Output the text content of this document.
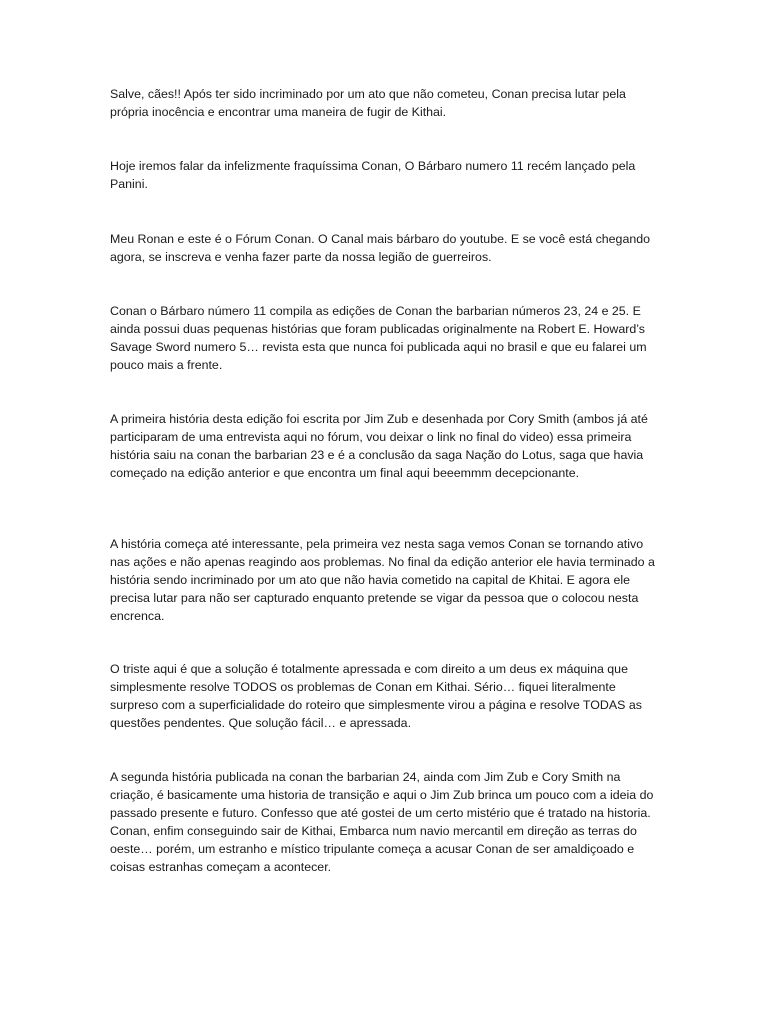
Salve, cães!! Após ter sido incriminado por um ato que não cometeu, Conan precisa lutar pela própria inocência e encontrar uma maneira de fugir de Kithai.

Hoje iremos falar da infelizmente fraquíssima Conan, O Bárbaro numero 11 recém lançado pela Panini.

Meu Ronan e este é o Fórum Conan. O Canal mais bárbaro do youtube. E se você está chegando agora, se inscreva e venha fazer parte da nossa legião de guerreiros.

Conan o Bárbaro número 11 compila as edições de Conan the barbarian números 23, 24 e 25. E ainda possui duas pequenas histórias que foram publicadas originalmente na Robert E. Howard’s Savage Sword numero 5… revista esta que nunca foi publicada aqui no brasil e que eu falarei um pouco mais a frente.

A primeira história desta edição foi escrita por Jim Zub e desenhada por Cory Smith (ambos já até participaram de uma entrevista aqui no fórum, vou deixar o link no final do video) essa primeira história saiu na conan the barbarian 23 e é a conclusão da saga Nação do Lotus, saga que havia começado na edição anterior e que encontra um final aqui beeemmm decepcionante.

A história começa até interessante, pela primeira vez nesta saga vemos Conan se tornando ativo nas ações e não apenas reagindo aos problemas. No final da edição anterior ele havia terminado a história sendo incriminado por um ato que não havia cometido na capital de Khitai. E agora ele precisa lutar para não ser capturado enquanto pretende se vigar da pessoa que o colocou nesta encrenca.

O triste aqui é que a solução é totalmente apressada e com direito a um deus ex máquina que simplesmente resolve TODOS os problemas de Conan em Kithai. Sério… fiquei literalmente surpreso com a superficialidade do roteiro que simplesmente virou a página e resolve TODAS as questões pendentes. Que solução fácil… e apressada.

A segunda história publicada na conan the barbarian 24, ainda com Jim Zub e Cory Smith na criação, é basicamente uma historia de transição e aqui o Jim Zub brinca um pouco com a ideia do passado presente e futuro. Confesso que até gostei de um certo mistério que é tratado na historia. Conan, enfim conseguindo sair de Kithai, Embarca num navio mercantil em direção as terras do oeste… porém, um estranho e místico tripulante começa a acusar Conan de ser amaldiçoado e coisas estranhas começam a acontecer.
